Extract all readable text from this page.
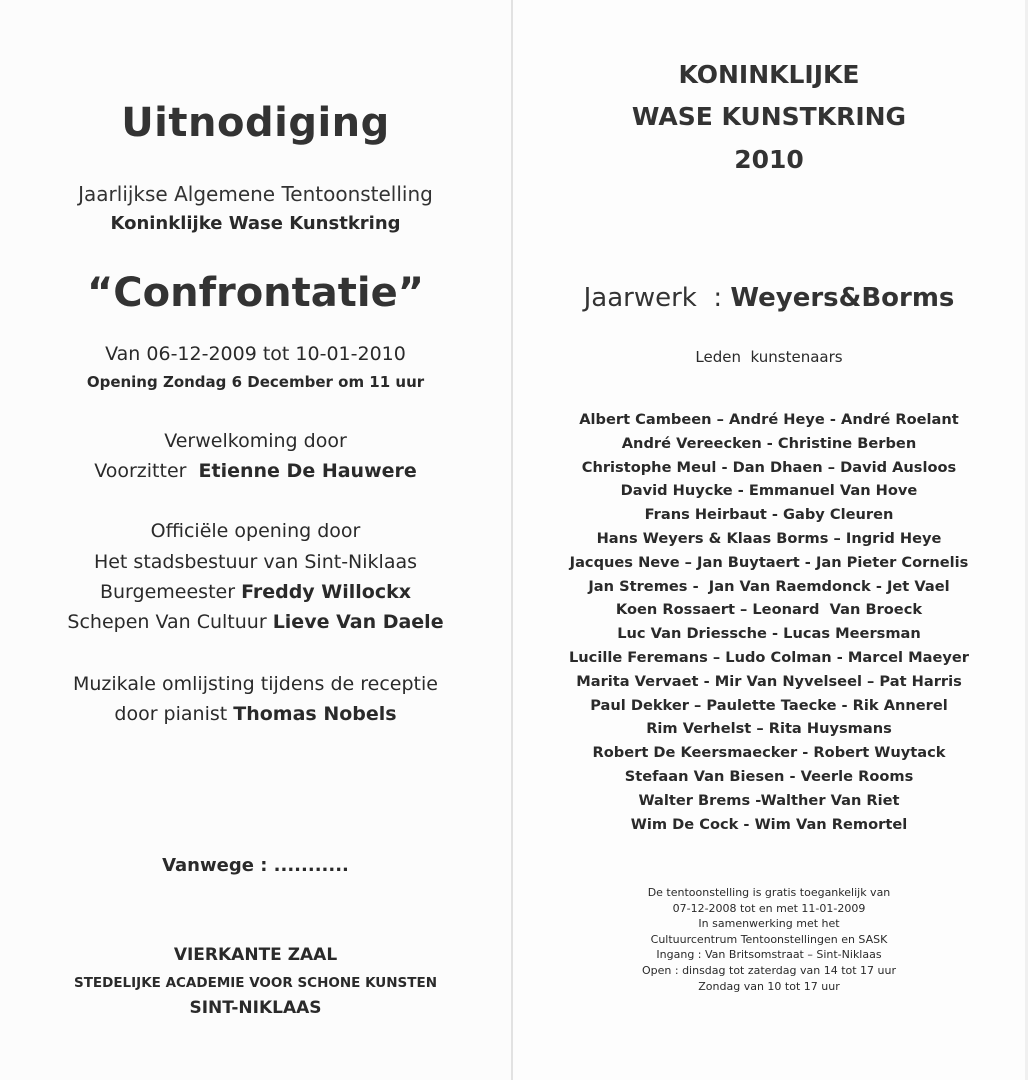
Uitnodiging
Jaarlijkse Algemene Tentoonstelling
Koninklijke Wase Kunstkring
“Confrontatie”
Van 06-12-2009 tot 10-01-2010
Opening Zondag 6 December om 11 uur
Verwelkoming door
Voorzitter Etienne De Hauwere
Officiële opening door
Het stadsbestuur van Sint-Niklaas
Burgemeester Freddy Willockx
Schepen Van Cultuur Lieve Van Daele
Muzikale omlijsting tijdens de receptie
door pianist Thomas Nobels
Vanwege : ...........
VIERKANTE ZAAL
STEDELIJKE ACADEMIE VOOR SCHONE KUNSTEN
SINT-NIKLAAS
KONINKLIJKE
WASE KUNSTKRING
2010
Jaarwerk  : Weyers&Borms
Leden  kunstenaars
Albert Cambeen – André Heye - André Roelant
André Vereecken - Christine Berben
Christophe Meul - Dan Dhaen – David Ausloos
David Huycke - Emmanuel Van Hove
Frans Heirbaut - Gaby Cleuren
Hans Weyers & Klaas Borms – Ingrid Heye
Jacques Neve – Jan Buytaert - Jan Pieter Cornelis
Jan Stremes -  Jan Van Raemdonck - Jet Vael
Koen Rossaert – Leonard  Van Broeck
Luc Van Driessche - Lucas Meersman
Lucille Feremans – Ludo Colman - Marcel Maeyer
Marita Vervaet - Mir Van Nyvelseel – Pat Harris
Paul Dekker – Paulette Taecke - Rik Annerel
Rim Verhelst – Rita Huysmans
Robert De Keersmaecker - Robert Wuytack
Stefaan Van Biesen - Veerle Rooms
Walter Brems -Walther Van Riet
Wim De Cock - Wim Van Remortel
De tentoonstelling is gratis toegankelijk van
07-12-2008 tot en met 11-01-2009
In samenwerking met het
Cultuurcentrum Tentoonstellingen en SASK
Ingang : Van Britsomstraat – Sint-Niklaas
Open : dinsdag tot zaterdag van 14 tot 17 uur
Zondag van 10 tot 17 uur
